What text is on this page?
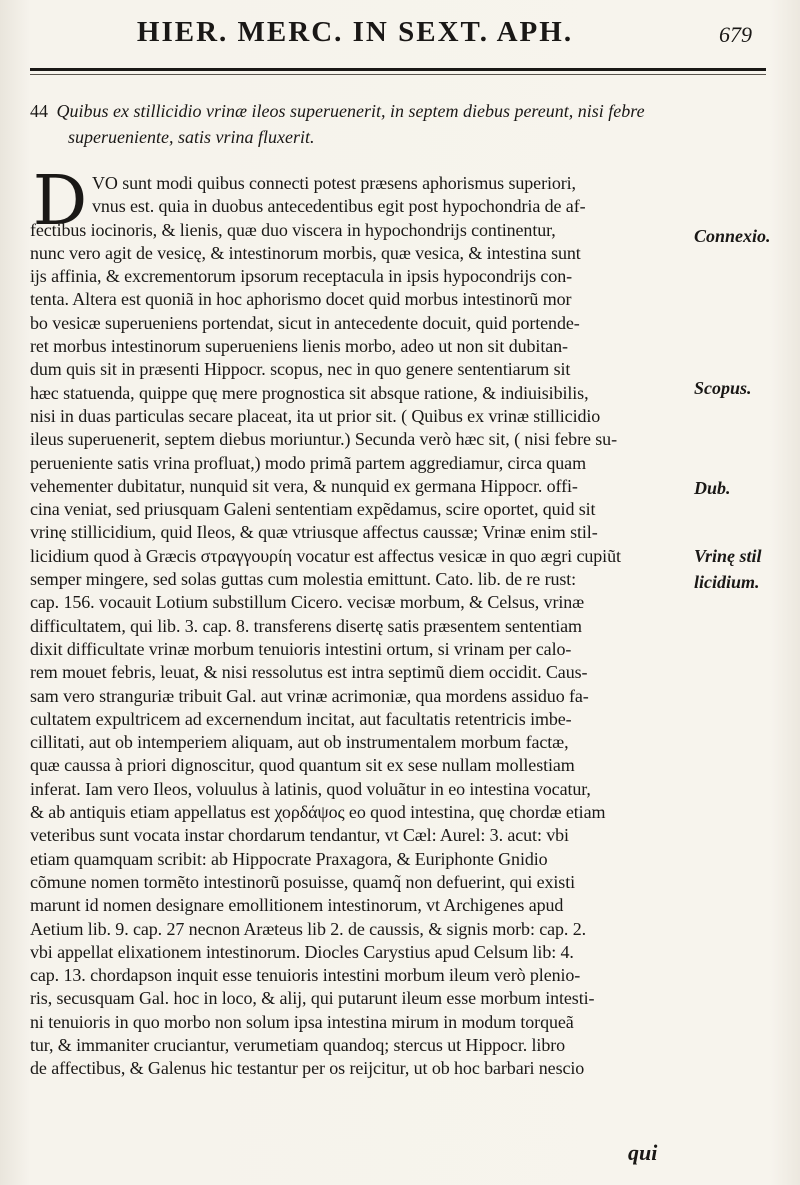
HIER. MERC. IN SEXT. APH.	679
44 Quibus ex stillicidio vrinæ ileos superuenerit, in septem diebus pereunt, nisi febre
superueniente, satis vrina fluxerit.
D VO sunt modi quibus connecti potest præsens aphorismus superiori,
vnus est. quia in duobus antecedentibus egit post hypochondria de af-
fectibus iocinoris, & lienis, quæ duo viscera in hypochondrijs continentur,
nunc vero agit de vesicę, & intestinorum morbis, quæ vesica, & intestina sunt
ijs affinia, & excrementorum ipsorum receptacula in ipsis hypocondrijs con-
tenta. Altera est quoniã in hoc aphorismo docet quid morbus intestinorũ mor
bo vesicæ superueniens portendat, sicut in antecedente docuit, quid portende-
ret morbus intestinorum superueniens lienis morbo, adeo ut non sit dubitan-
dum quis sit in præsenti Hippocr. scopus, nec in quo genere sententiarum sit
hæc statuenda, quippe quę mere prognostica sit absque ratione, & indiuisibilis,
nisi in duas particulas secare placeat, ita ut prior sit. ( Quibus ex vrinæ stillicidio
ileus superuenerit, septem diebus moriuntur.) Secunda verò hæc sit, ( nisi febre su-
perueniente satis vrina profluat,) modo primã partem aggrediamur, circa quam
vehementer dubitatur, nunquid sit vera, & nunquid ex germana Hippocr. offi-
cina veniat, sed priusquam Galeni sententiam expẽdamus, scire oportet, quid sit
vrinę stillicidium, quid Ileos, & quæ vtriusque affectus caussæ; Vrinæ enim stil-
licidium quod à Græcis στραγγουρίη vocatur est affectus vesicæ in quo ægri cupiũt
semper mingere, sed solas guttas cum molestia emittunt. Cato. lib. de re rust:
cap. 156. vocauit Lotium substillum Cicero. vecisæ morbum, & Celsus, vrinæ
difficultatem, qui lib. 3. cap. 8. transferens disertę satis præsentem sententiam
dixit difficultate vrinæ morbum tenuioris intestini ortum, si vrinam per calo-
rem mouet febris, leuat, & nisi ressolutus est intra septimũ diem occidit. Caus-
sam vero stranguriæ tribuit Gal. aut vrinæ acrimoniæ, qua mordens assiduo fa-
cultatem expultricem ad excernendum incitat, aut facultatis retentricis imbe-
cillitati, aut ob intemperiem aliquam, aut ob instrumentalem morbum factæ,
quæ caussa à priori dignoscitur, quod quantum sit ex sese nullam mollestiam
inferat. Iam vero Ileos, voluulus à latinis, quod voluãtur in eo intestina vocatur,
& ab antiquis etiam appellatus est χορδάψος eo quod intestina, quę chordæ etiam
veteribus sunt vocata instar chordarum tendantur, vt Cæl: Aurel: 3. acut: vbi
etiam quamquam scribit: ab Hippocrate Praxagora, & Euriphonte Gnidio
cõmune nomen tormẽto intestinorũ posuisse, quamq̃ non defuerint, qui existi
marunt id nomen designare emollitionem intestinorum, vt Archigenes apud
Aetium lib. 9. cap. 27 necnon Aræteus lib 2. de caussis, & signis morb: cap. 2.
vbi appellat elixationem intestinorum. Diocles Carystius apud Celsum lib: 4.
cap. 13. chordapson inquit esse tenuioris intestini morbum ileum verò plenio-
ris, secusquam Gal. hoc in loco, & alij, qui putarunt ileum esse morbum intesti-
ni tenuioris in quo morbo non solum ipsa intestina mirum in modum torqueã
tur, & immaniter cruciantur, verumetiam quandoq; stercus ut Hippocr. libro
de affectibus, & Galenus hic testantur per os reijcitur, ut ob hoc barbari nescio
Connexio.
Scopus.
Dub.
Vrinę stil
licidium.
qui
